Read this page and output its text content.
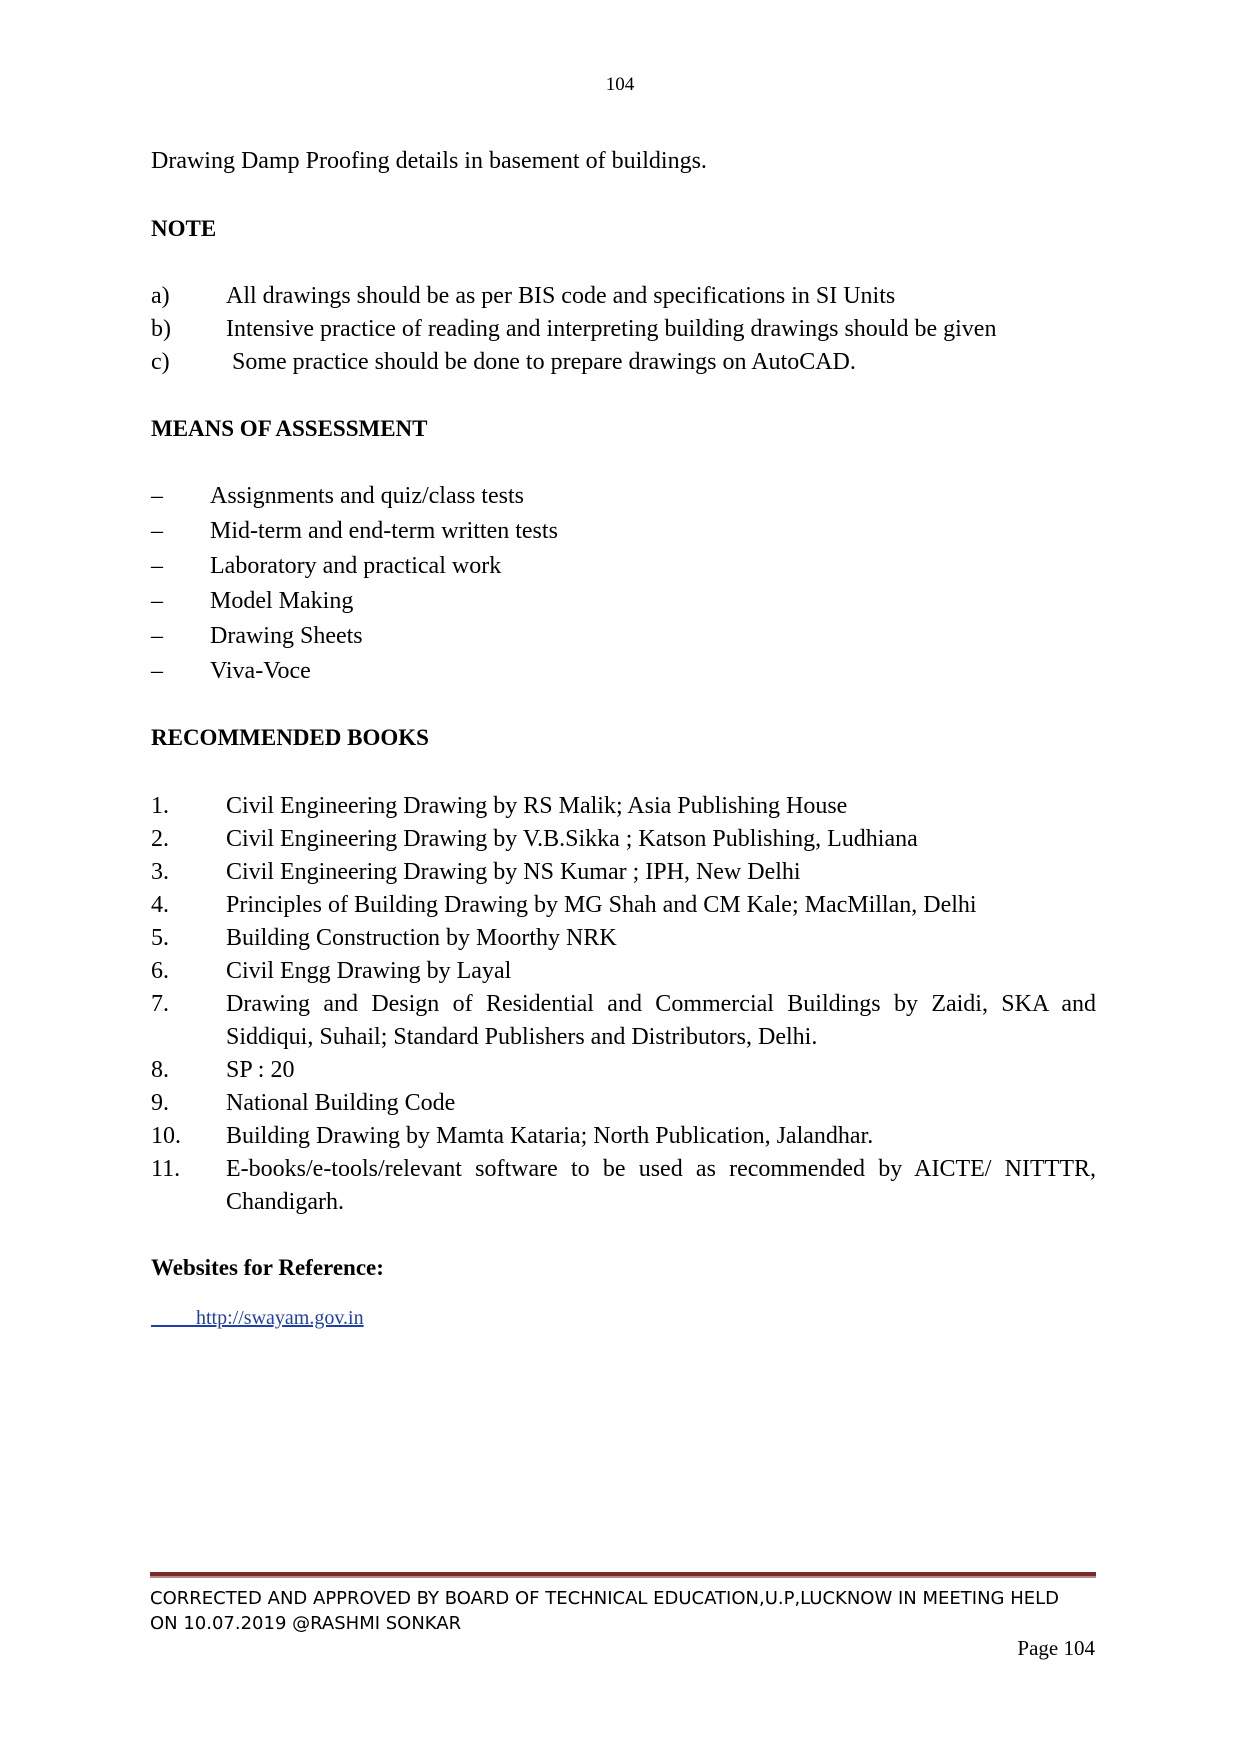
104
Drawing Damp Proofing details in basement of buildings.
NOTE
a)	All drawings should be as per BIS code and specifications in SI Units
b)	Intensive practice of reading and interpreting building drawings should be given
c)	Some practice should be done to prepare drawings on AutoCAD.
MEANS OF ASSESSMENT
–	Assignments and quiz/class tests
–	Mid-term and end-term written tests
–	Laboratory and practical work
–	Model Making
–	Drawing Sheets
–	Viva-Voce
RECOMMENDED BOOKS
1.	Civil Engineering Drawing by RS Malik; Asia Publishing House
2.	Civil Engineering Drawing by V.B.Sikka ; Katson Publishing, Ludhiana
3.	Civil Engineering Drawing by NS Kumar ; IPH, New Delhi
4.	Principles of Building Drawing by MG Shah and CM Kale; MacMillan, Delhi
5.	Building Construction by Moorthy NRK
6.	Civil Engg Drawing by Layal
7.	Drawing and Design of Residential and Commercial Buildings by Zaidi, SKA and Siddiqui, Suhail; Standard Publishers and Distributors, Delhi.
8.	SP : 20
9.	National Building Code
10.	Building Drawing by Mamta Kataria; North Publication, Jalandhar.
11.	E-books/e-tools/relevant software to be used as recommended by AICTE/ NITTTR, Chandigarh.
Websites for Reference:
http://swayam.gov.in
CORRECTED AND APPROVED BY BOARD OF TECHNICAL EDUCATION,U.P,LUCKNOW IN MEETING HELD
ON 10.07.2019 @RASHMI SONKAR
Page 104
